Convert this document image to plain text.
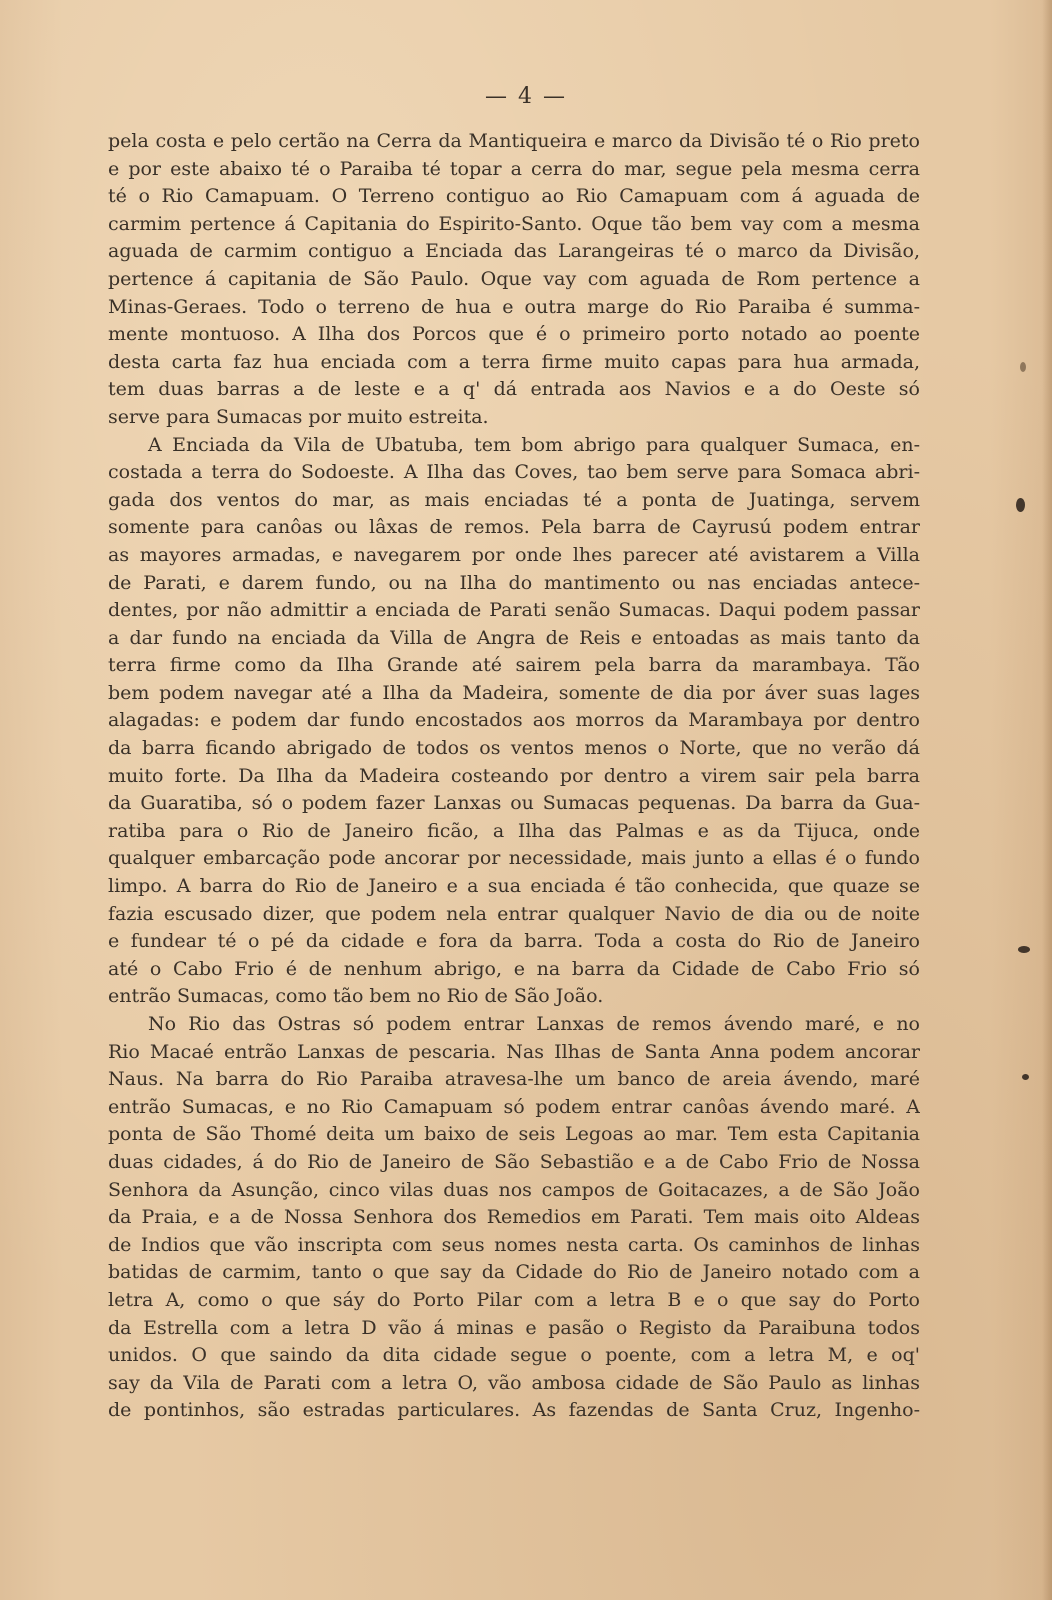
— 4 —
pela costa e pelo certão na Cerra da Mantiqueira e marco da Divisão té o Rio preto
e por este abaixo té o Paraiba té topar a cerra do mar, segue pela mesma cerra
té o Rio Camapuam. O Terreno contiguo ao Rio Camapuam com á aguada de
carmim pertence á Capitania do Espirito-Santo. Oque tão bem vay com a mesma
aguada de carmim contiguo a Enciada das Larangeiras té o marco da Divisão,
pertence á capitania de São Paulo. Oque vay com aguada de Rom pertence a
Minas-Geraes. Todo o terreno de hua e outra marge do Rio Paraiba é summa-
mente montuoso. A Ilha dos Porcos que é o primeiro porto notado ao poente
desta carta faz hua enciada com a terra firme muito capas para hua armada,
tem duas barras a de leste e a q' dá entrada aos Navios e a do Oeste só
serve para Sumacas por muito estreita.
A Enciada da Vila de Ubatuba, tem bom abrigo para qualquer Sumaca, en-
costada a terra do Sodoeste. A Ilha das Coves, tao bem serve para Somaca abri-
gada dos ventos do mar, as mais enciadas té a ponta de Juatinga, servem
somente para canôas ou lâxas de remos. Pela barra de Cayrusú podem entrar
as mayores armadas, e navegarem por onde lhes parecer até avistarem a Villa
de Parati, e darem fundo, ou na Ilha do mantimento ou nas enciadas antece-
dentes, por não admittir a enciada de Parati senão Sumacas. Daqui podem passar
a dar fundo na enciada da Villa de Angra de Reis e entoadas as mais tanto da
terra firme como da Ilha Grande até sairem pela barra da marambaya. Tão
bem podem navegar até a Ilha da Madeira, somente de dia por áver suas lages
alagadas: e podem dar fundo encostados aos morros da Marambaya por dentro
da barra ficando abrigado de todos os ventos menos o Norte, que no verão dá
muito forte. Da Ilha da Madeira costeando por dentro a virem sair pela barra
da Guaratiba, só o podem fazer Lanxas ou Sumacas pequenas. Da barra da Gua-
ratiba para o Rio de Janeiro ficão, a Ilha das Palmas e as da Tijuca, onde
qualquer embarcação pode ancorar por necessidade, mais junto a ellas é o fundo
limpo. A barra do Rio de Janeiro e a sua enciada é tão conhecida, que quaze se
fazia escusado dizer, que podem nela entrar qualquer Navio de dia ou de noite
e fundear té o pé da cidade e fora da barra. Toda a costa do Rio de Janeiro
até o Cabo Frio é de nenhum abrigo, e na barra da Cidade de Cabo Frio só
entrão Sumacas, como tão bem no Rio de São João.
No Rio das Ostras só podem entrar Lanxas de remos ávendo maré, e no
Rio Macaé entrão Lanxas de pescaria. Nas Ilhas de Santa Anna podem ancorar
Naus. Na barra do Rio Paraiba atravesa-lhe um banco de areia ávendo, maré
entrão Sumacas, e no Rio Camapuam só podem entrar canôas ávendo maré. A
ponta de São Thomé deita um baixo de seis Legoas ao mar. Tem esta Capitania
duas cidades, á do Rio de Janeiro de São Sebastião e a de Cabo Frio de Nossa
Senhora da Asunção, cinco vilas duas nos campos de Goitacazes, a de São João
da Praia, e a de Nossa Senhora dos Remedios em Parati. Tem mais oito Aldeas
de Indios que vão inscripta com seus nomes nesta carta. Os caminhos de linhas
batidas de carmim, tanto o que say da Cidade do Rio de Janeiro notado com a
letra A, como o que sáy do Porto Pilar com a letra B e o que say do Porto
da Estrella com a letra D vão á minas e pasão o Registo da Paraibuna todos
unidos. O que saindo da dita cidade segue o poente, com a letra M, e oq'
say da Vila de Parati com a letra O, vão ambosa cidade de São Paulo as linhas
de pontinhos, são estradas particulares. As fazendas de Santa Cruz, Ingenho-
